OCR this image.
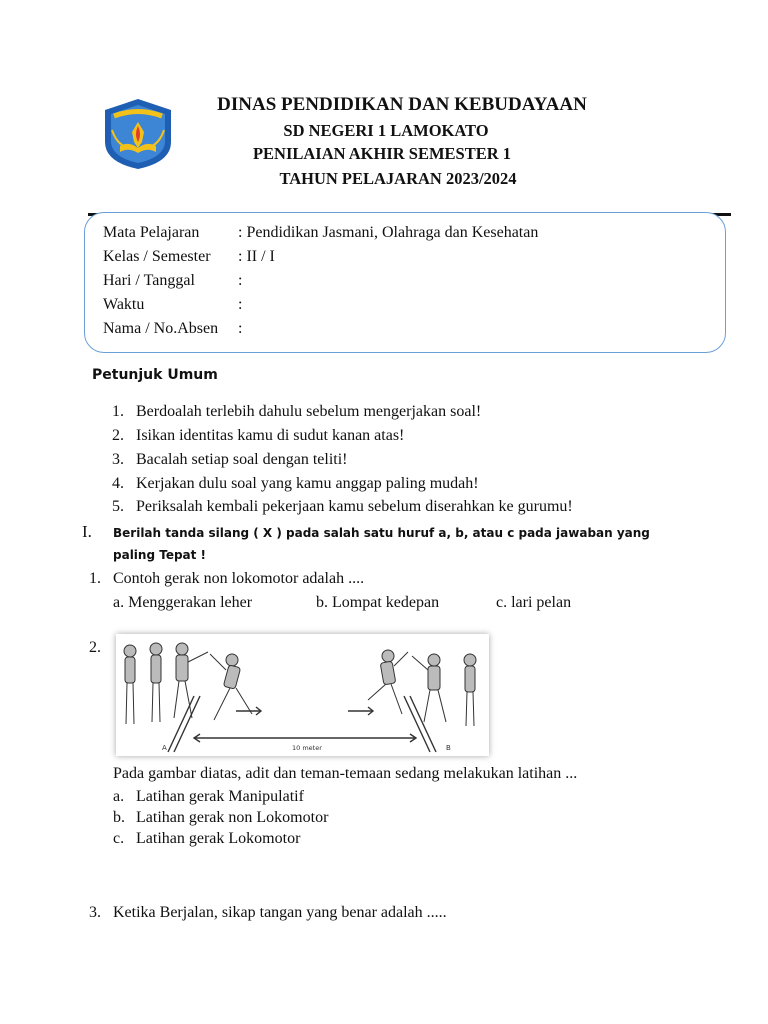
DINAS PENDIDIKAN DAN KEBUDAYAAN
SD NEGERI 1 LAMOKATO
PENILAIAN AKHIR SEMESTER 1
TAHUN PELAJARAN 2023/2024
Mata Pelajaran : Pendidikan Jasmani, Olahraga dan Kesehatan
Kelas / Semester : II / I
Hari / Tanggal	:
Waktu	:
Nama / No.Absen :
Petunjuk Umum
1. Berdoalah terlebih dahulu sebelum mengerjakan soal!
2. Isikan identitas kamu di sudut kanan atas!
3. Bacalah setiap soal dengan teliti!
4. Kerjakan dulu soal yang kamu anggap paling mudah!
5. Periksalah kembali pekerjaan kamu sebelum diserahkan ke gurumu!
I. Berilah tanda silang ( X ) pada salah satu huruf a, b, atau c pada jawaban yang
paling Tepat !
1. Contoh gerak non lokomotor adalah ....
a. Menggerakan leher	b. Lompat kedepan	c. lari pelan
2.
A	10 meter	B
Pada gambar diatas, adit dan teman-temaan sedang melakukan latihan ...
a. Latihan gerak Manipulatif
b. Latihan gerak non Lokomotor
c. Latihan gerak Lokomotor
3. Ketika Berjalan, sikap tangan yang benar adalah .....
